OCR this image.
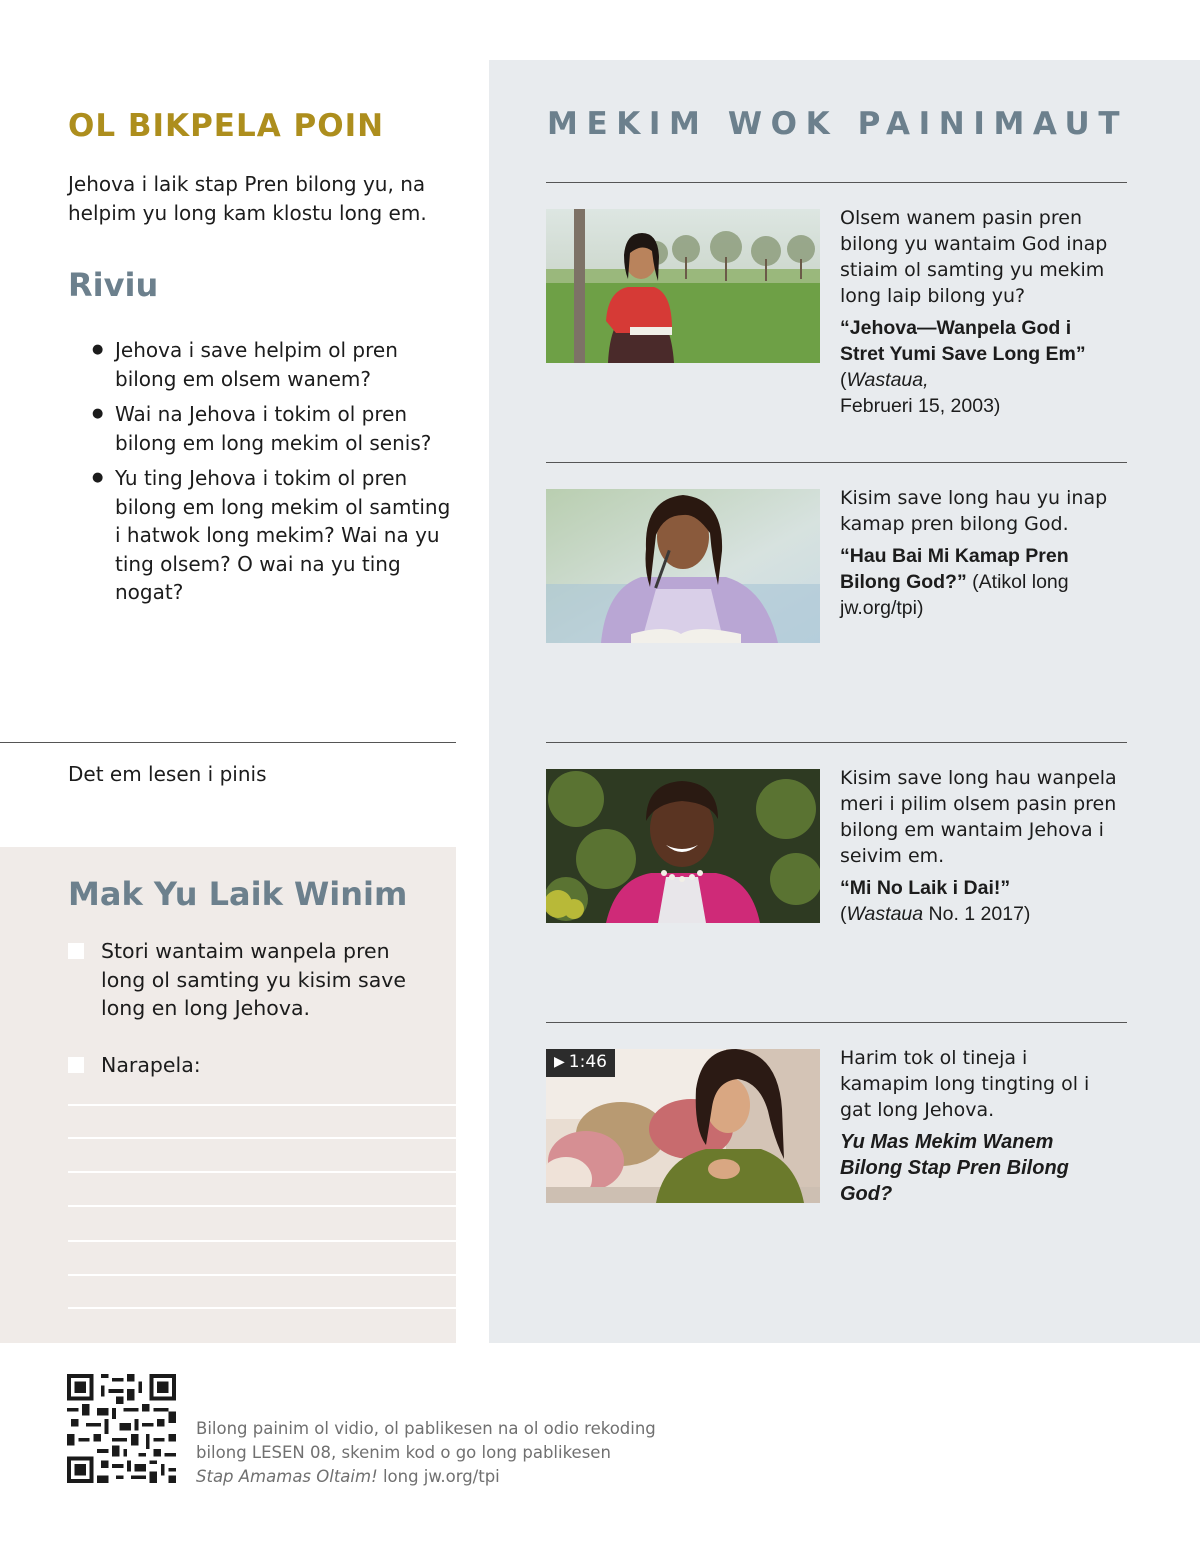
OL BIKPELA POIN

Jehova i laik stap Pren bilong yu, na helpim yu long kam klostu long em.

Riviu
● Jehova i save helpim ol pren bilong em olsem wanem?
● Wai na Jehova i tokim ol pren bilong em long mekim ol senis?
● Yu ting Jehova i tokim ol pren bilong em long mekim ol samting i hatwok long mekim? Wai na yu ting olsem? O wai na yu ting nogat?
Det em lesen i pinis
Mak Yu Laik Winim
Stori wantaim wanpela pren long ol samting yu kisim save long en long Jehova.
Narapela:
MEKIM WOK PAINIMAUT

Olsem wanem pasin pren bilong yu wantaim God inap stiaim ol samting yu mekim long laip bilong yu?

“Jehova—Wanpela God i Stret Yumi Save Long Em”
(Wastaua,
Februeri 15, 2003)

Kisim save long hau yu inap kamap pren bilong God.

“Hau Bai Mi Kamap Pren Bilong God?” (Atikol long jw.org/tpi)

Kisim save long hau wanpela meri i pilim olsem pasin pren bilong em wantaim Jehova i seivim em.

“Mi No Laik i Dai!”
(Wastaua No. 1 2017)

▶ 1:46	Harim tok ol tineja i kamapim long tingting ol i gat long Jehova.

Yu Mas Mekim Wanem Bilong Stap Pren Bilong God?

Bilong painim ol vidio, ol pablikesen na ol odio rekoding bilong LESEN 08, skenim kod o go long pablikesen
Stap Amamas Oltaim! long jw.org/tpi
